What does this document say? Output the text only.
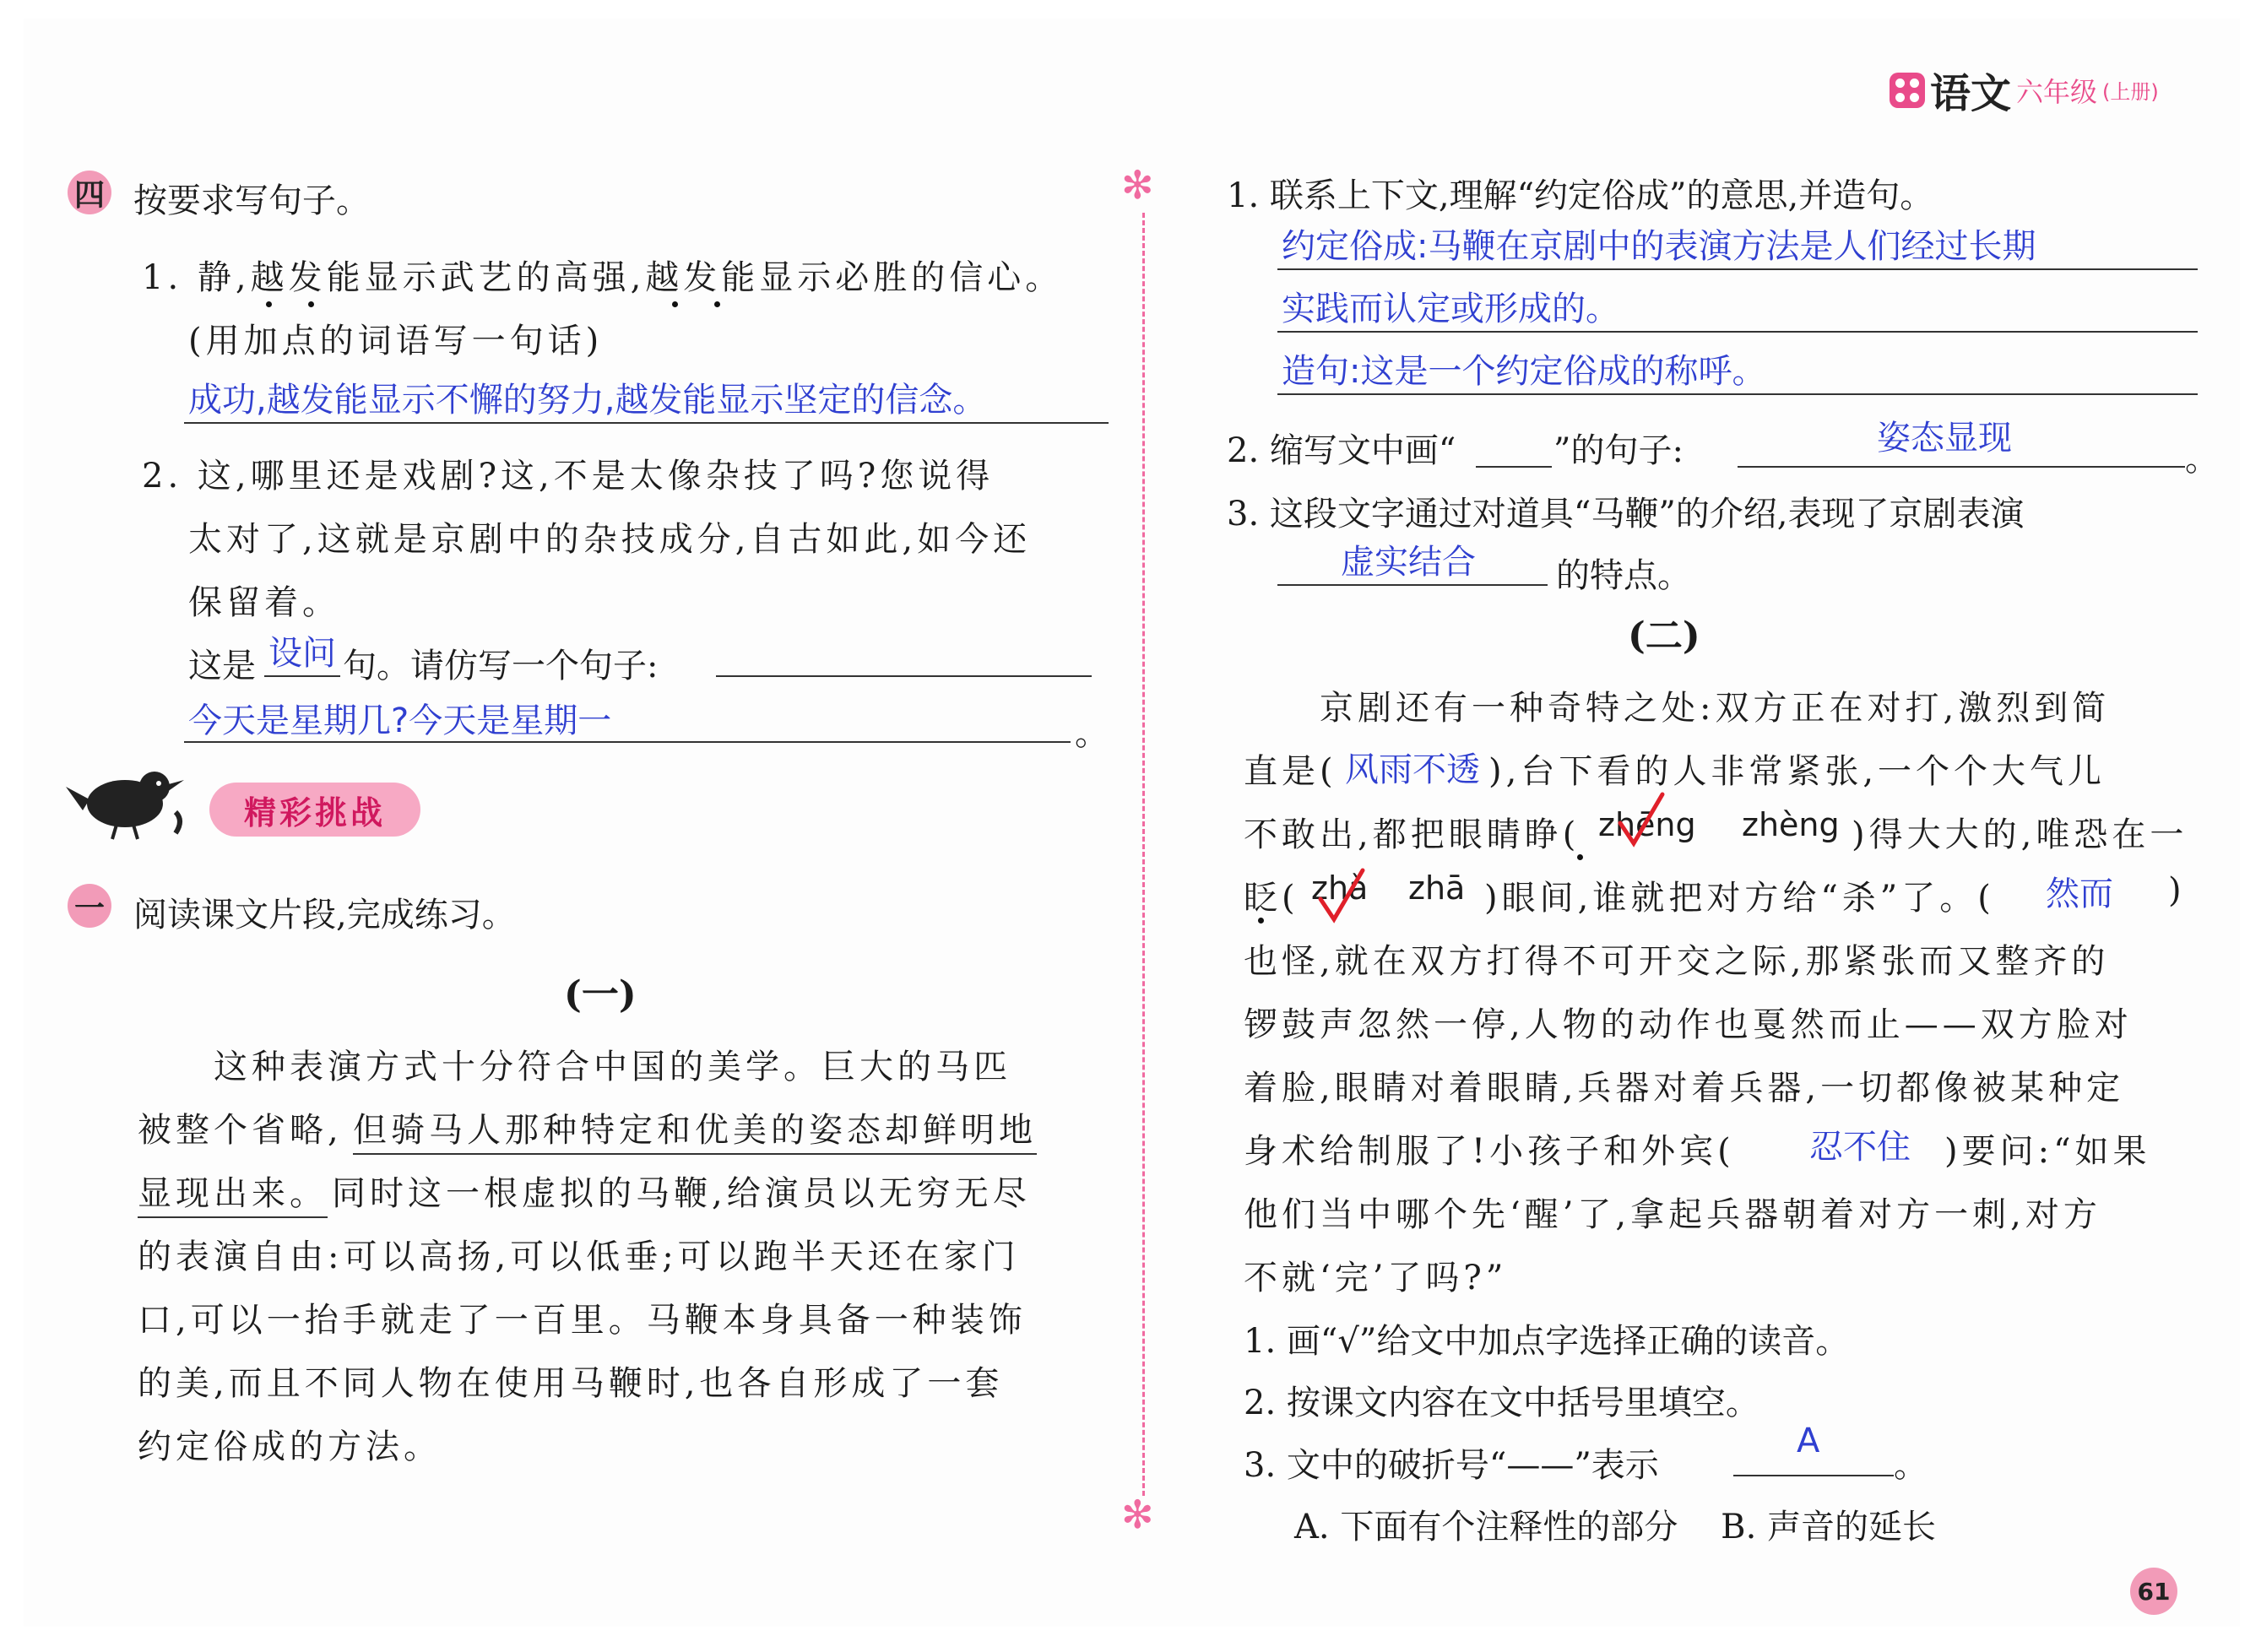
语文 六年级 (上册)
✻
✻
四 按要求写句子。
1. 静,越发能显示武艺的高强,越发能显示必胜的信心。
(用加点的词语写一句话)
成功,越发能显示不懈的努力,越发能显示坚定的信念。
2. 这,哪里还是戏剧?这,不是太像杂技了吗?您说得
太对了,这就是京剧中的杂技成分,自古如此,如今还
保留着。
这是 设问 句。请仿写一个句子:
今天是星期几?今天是星期一	。
精彩挑战
一 阅读课文片段,完成练习。
(一)
这种表演方式十分符合中国的美学。巨大的马匹
被整个省略, 但骑马人那种特定和优美的姿态却鲜明地
显现出来。 同时这一根虚拟的马鞭,给演员以无穷无尽
的表演自由:可以高扬,可以低垂;可以跑半天还在家门
口,可以一抬手就走了一百里。马鞭本身具备一种装饰
的美,而且不同人物在使用马鞭时,也各自形成了一套
约定俗成的方法。
1. 联系上下文,理解“约定俗成”的意思,并造句。
约定俗成:马鞭在京剧中的表演方法是人们经过长期
实践而认定或形成的。
造句:这是一个约定俗成的称呼。
2. 缩写文中画“	”的句子:	姿态显现
。
3. 这段文字通过对道具“马鞭”的介绍,表现了京剧表演
虚实结合 的特点。
(二)
京剧还有一种奇特之处:双方正在对打,激烈到简
直是( 风雨不透 ),台下看的人非常紧张,一个个大气儿
不敢出,都把眼睛睁( zhēng zhèng )得大大的,唯恐在一
眨( zhǎ zhā )眼间,谁就把对方给“杀”了。( 然而 )
也怪,就在双方打得不可开交之际,那紧张而又整齐的
锣鼓声忽然一停,人物的动作也戛然而止——双方脸对
着脸,眼睛对着眼睛,兵器对着兵器,一切都像被某种定
身术给制服了!小孩子和外宾( 忍不住 )要问:“如果
他们当中哪个先‘醒’了,拿起兵器朝着对方一刺,对方
不就‘完’了吗?”
1. 画“√”给文中加点字选择正确的读音。
2. 按课文内容在文中括号里填空。
3. 文中的破折号“——”表示
A
。
A. 下面有个注释性的部分    B. 声音的延长
61
